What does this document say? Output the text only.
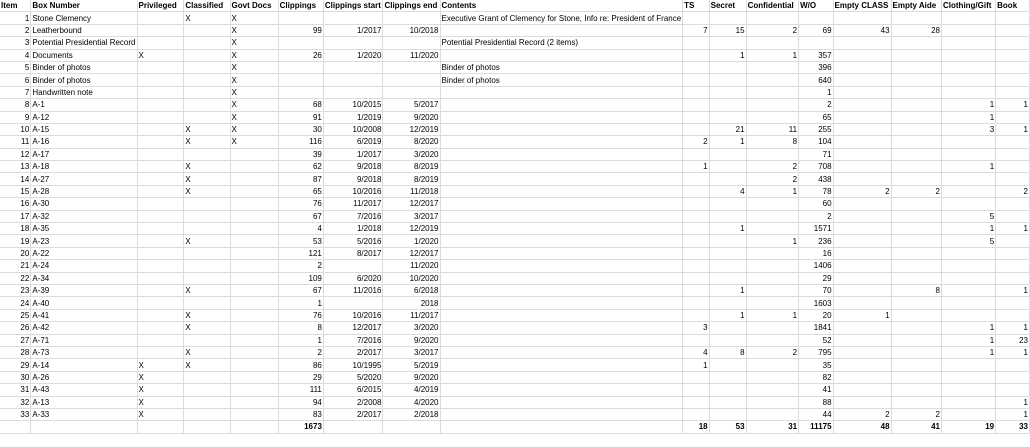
Item	Box Number	Privileged	Classified	Govt Docs	Clippings	Clippings start	Clippings end	Contents	TS	Secret	Confidential	W/O	Empty CLASS	Empty Aide	Clothing/Gift	Book
1	Stone Clemency		X	X				Executive Grant of Clemency for Stone, Info re: President of France								
2	Leatherbound			X	99	1/2017	10/2018		7	15	2	69	43	28		
3	Potential Presidential Record			X				Potential Presidential Record (2 items)								
4	Documents	X		X	26	1/2020	11/2020			1	1	357				
5	Binder of photos			X				Binder of photos				396				
6	Binder of photos			X				Binder of photos				640				
7	Handwritten note			X								1				
8	A-1			X	68	10/2015	5/2017					2			1	1
9	A-12			X	91	1/2019	9/2020					65			1	
10	A-15		X	X	30	10/2008	12/2019			21	11	255			3	1
11	A-16		X	X	116	6/2019	8/2020		2	1	8	104				
12	A-17				39	1/2017	3/2020					71				
13	A-18		X		62	9/2018	8/2019		1		2	708			1	
14	A-27		X		87	9/2018	8/2019				2	438				
15	A-28		X		65	10/2016	11/2018			4	1	78	2	2		2
16	A-30				76	11/2017	12/2017					60				
17	A-32				67	7/2016	3/2017					2			5	
18	A-35				4	1/2018	12/2019			1		1571			1	1
19	A-23		X		53	5/2016	1/2020				1	236			5	
20	A-22				121	8/2017	12/2017					16				
21	A-24				2		11/2020					1406				
22	A-34				109	6/2020	10/2020					29				
23	A-39		X		67	11/2016	6/2018			1		70		8		1
24	A-40				1		2018					1603				
25	A-41		X		76	10/2016	11/2017			1	1	20	1			
26	A-42		X		8	12/2017	3/2020		3			1841			1	1
27	A-71				1	7/2016	9/2020					52			1	23
28	A-73		X		2	2/2017	3/2017		4	8	2	795			1	1
29	A-14	X	X		86	10/1995	5/2019		1			35				
30	A-26	X			29	5/2020	9/2020					82				
31	A-43	X			111	6/2015	4/2019					41				
32	A-13	X			94	2/2008	4/2020					88				1
33	A-33	X			83	2/2017	2/2018					44	2	2		1
					1673				18	53	31	11175	48	41	19	33
